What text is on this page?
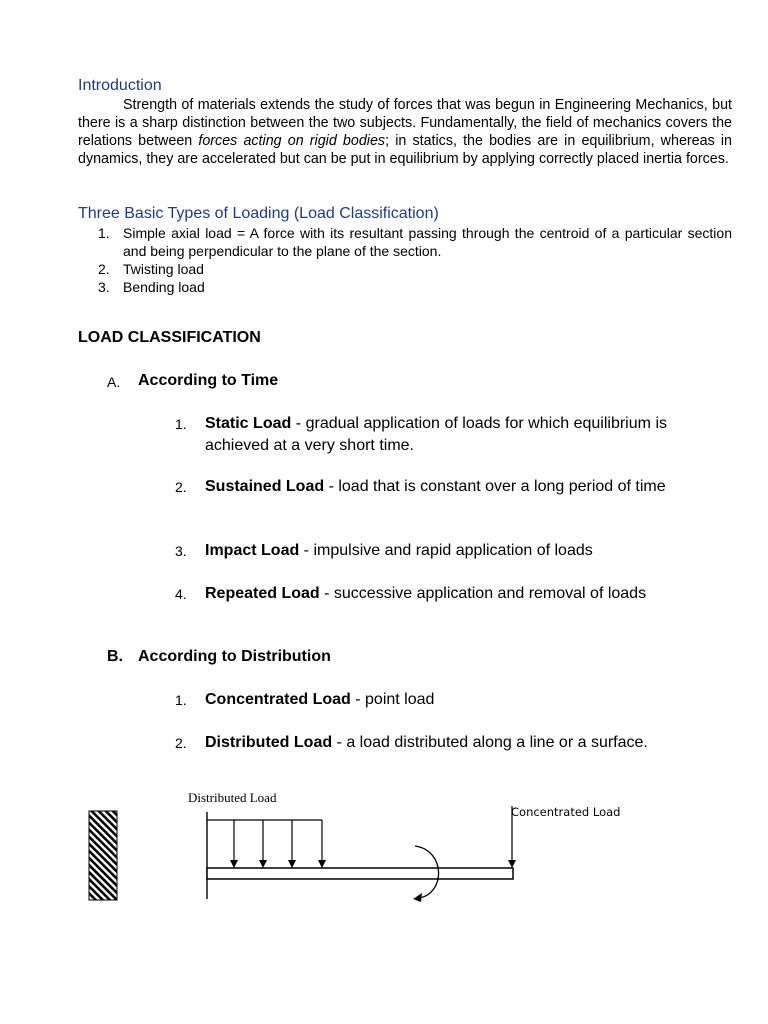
Introduction
Strength of materials extends the study of forces that was begun in Engineering Mechanics, but there is a sharp distinction between the two subjects. Fundamentally, the field of mechanics covers the relations between forces acting on rigid bodies; in statics, the bodies are in equilibrium, whereas in dynamics, they are accelerated but can be put in equilibrium by applying correctly placed inertia forces.
Three Basic Types of Loading (Load Classification)
1. Simple axial load = A force with its resultant passing through the centroid of a particular section and being perpendicular to the plane of the section.
2. Twisting load
3. Bending load
LOAD CLASSIFICATION
A. According to Time
1. Static Load - gradual application of loads for which equilibrium is achieved at a very short time.
2. Sustained Load - load that is constant over a long period of time
3. Impact Load - impulsive and rapid application of loads
4. Repeated Load - successive application and removal of loads
B. According to Distribution
1. Concentrated Load - point load
2. Distributed Load - a load distributed along a line or a surface.
Distributed Load
Concentrated Load
